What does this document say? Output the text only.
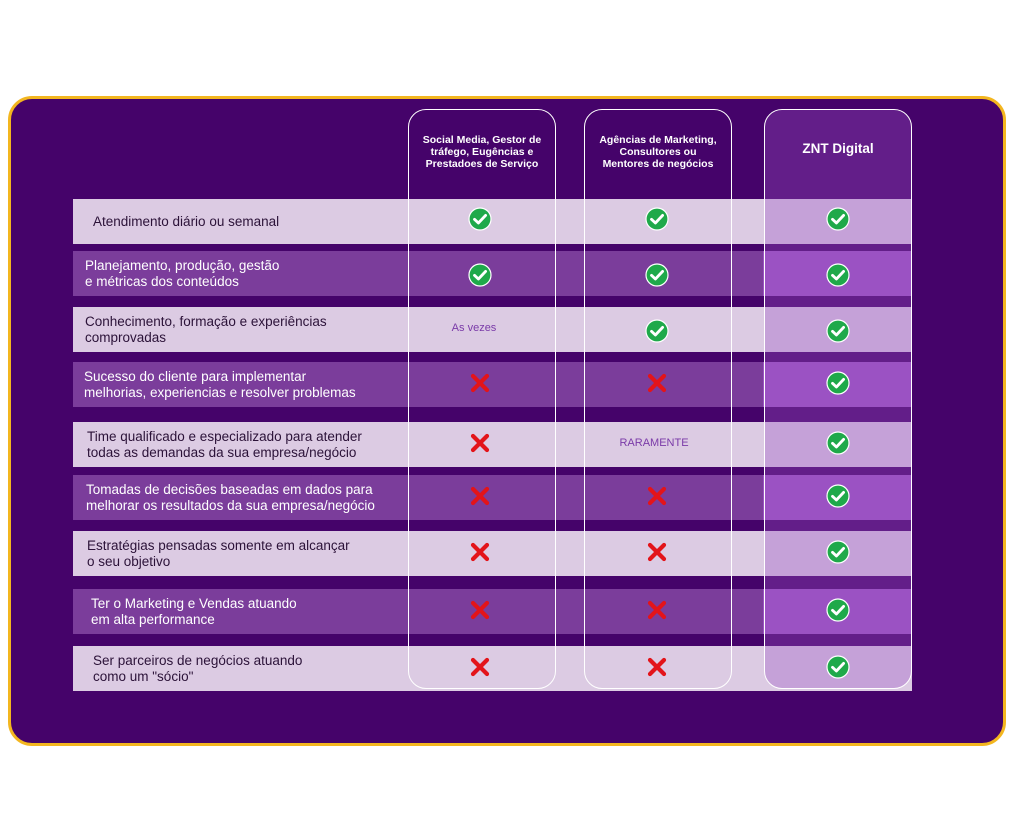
Atendimento diário ou semanal
Planejamento, produção, gestão
e métricas dos conteúdos
Conhecimento, formação e experiências
comprovadas
Sucesso do cliente para implementar
melhorias, experiencias e resolver problemas
Time qualificado e especializado para atender
todas as demandas da sua empresa/negócio
Tomadas de decisões baseadas em dados para
melhorar os resultados da sua empresa/negócio
Estratégias pensadas somente em alcançar
o seu objetivo
Ter o Marketing e Vendas atuando
em alta performance
Ser parceiros de negócios atuando
como um "sócio"
Social Media, Gestor de
tráfego, Eugências e
Prestadoes de Serviço
Agências de Marketing,
Consultores ou
Mentores de negócios
ZNT Digital
As vezes
RARAMENTE
